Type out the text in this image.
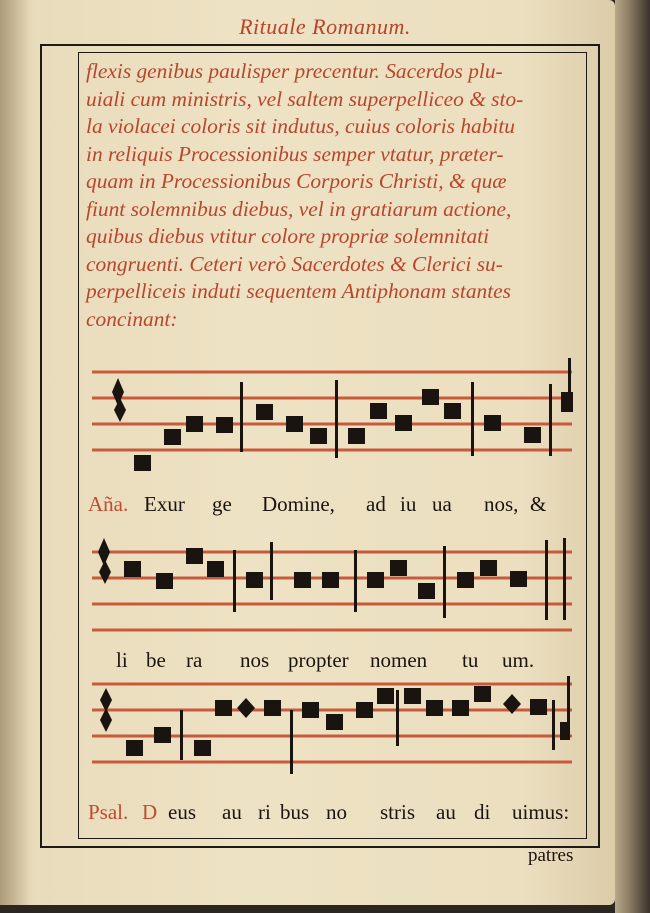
Rituale Romanum.
flexis genibus paulisper precentur. Sacerdos plu-
uiali cum ministris, vel saltem superpelliceo & sto-
la violacei coloris sit indutus, cuius coloris habitu
in reliquis Processionibus semper vtatur, præter-
quam in Processionibus Corporis Christi, & quæ
fiunt solemnibus diebus, vel in gratiarum actione,
quibus diebus vtitur colore propriæ solemnitati
congruenti. Ceteri verò Sacerdotes & Clerici su-
perpelliceis induti sequentem Antiphonam stantes
concinant:
Aña. Exur ge Domine, ad iu ua nos, &
li be ra nos propter nomen tu um.
Psal. D eus au ri bus no stris au di uimus:
patres
